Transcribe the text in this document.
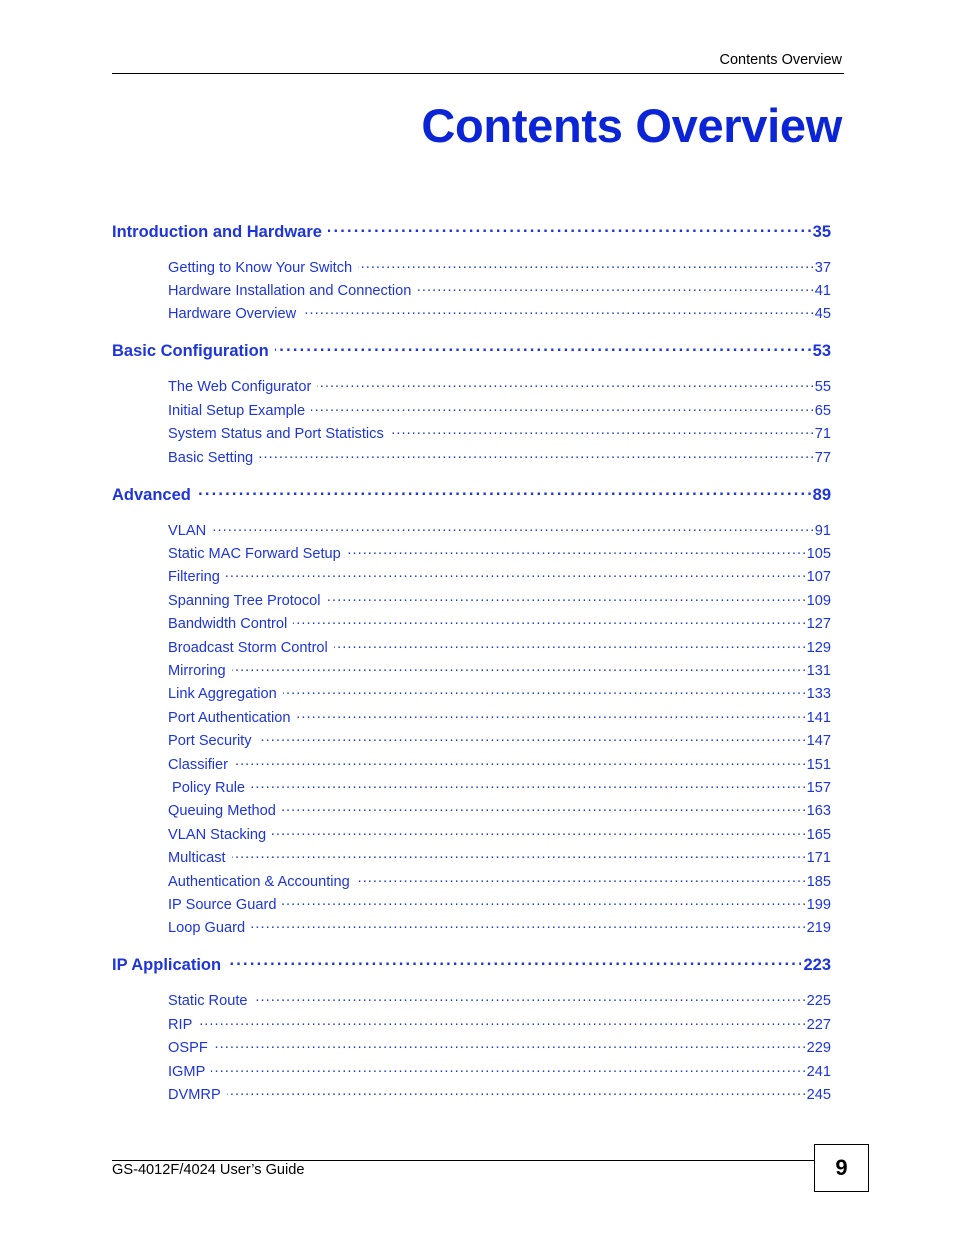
Contents Overview
Contents Overview
Introduction and Hardware . . .	35
Getting to Know Your Switch . . .	37
Hardware Installation and Connection . . .	41
Hardware Overview . . .	45
Basic Configuration . . .	53
The Web Configurator . . .	55
Initial Setup Example . . .	65
System Status and Port Statistics . . .	71
Basic Setting . . .	77
Advanced . . .	89
VLAN . . .	91
Static MAC Forward Setup . . .	105
Filtering . . .	107
Spanning Tree Protocol . . .	109
Bandwidth Control . . .	127
Broadcast Storm Control . . .	129
Mirroring . . .	131
Link Aggregation . . .	133
Port Authentication . . .	141
Port Security . . .	147
Classifier . . .	151
Policy Rule . . .	157
Queuing Method . . .	163
VLAN Stacking . . .	165
Multicast . . .	171
Authentication & Accounting . . .	185
IP Source Guard . . .	199
Loop Guard . . .	219
IP Application . . .	223
Static Route . . .	225
RIP . . .	227
OSPF . . .	229
IGMP . . .	241
DVMRP . . .	245
GS-4012F/4024 User’s Guide	9
